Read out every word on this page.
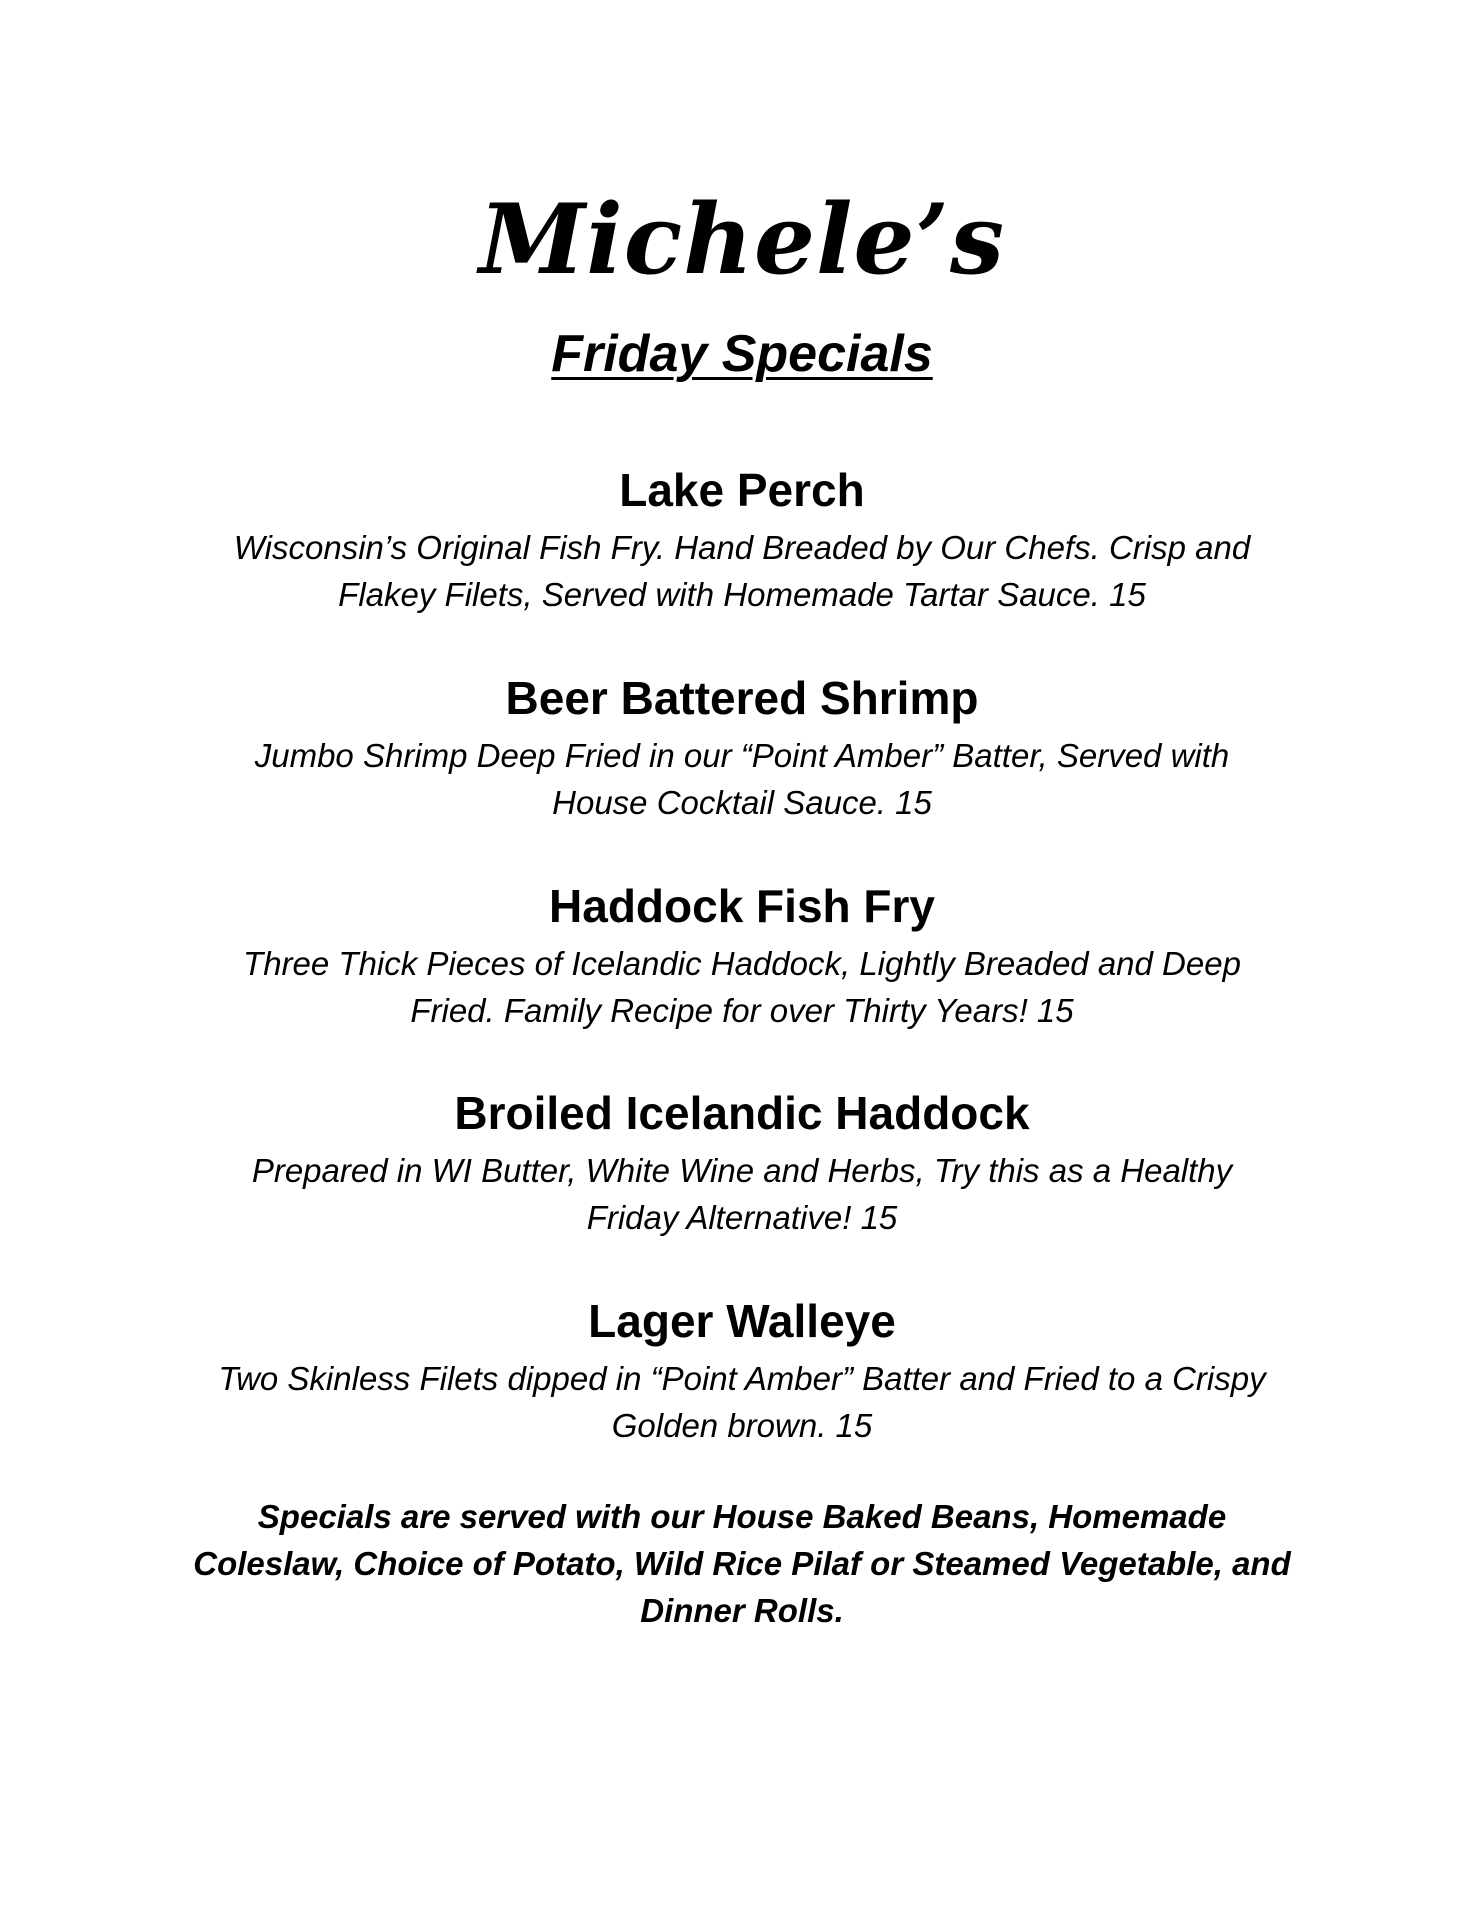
Michele’s
Friday Specials

Lake Perch

Wisconsin’s Original Fish Fry. Hand Breaded by Our Chefs. Crisp and
Flakey Filets, Served with Homemade Tartar Sauce. 15

Beer Battered Shrimp

Jumbo Shrimp Deep Fried in our “Point Amber” Batter, Served with
House Cocktail Sauce. 15

Haddock Fish Fry

Three Thick Pieces of Icelandic Haddock, Lightly Breaded and Deep
Fried. Family Recipe for over Thirty Years! 15

Broiled Icelandic Haddock

Prepared in WI Butter, White Wine and Herbs, Try this as a Healthy
Friday Alternative! 15

Lager Walleye

Two Skinless Filets dipped in “Point Amber” Batter and Fried to a Crispy
Golden brown. 15
Specials are served with our House Baked Beans, Homemade
Coleslaw, Choice of Potato, Wild Rice Pilaf or Steamed Vegetable, and
Dinner Rolls.
